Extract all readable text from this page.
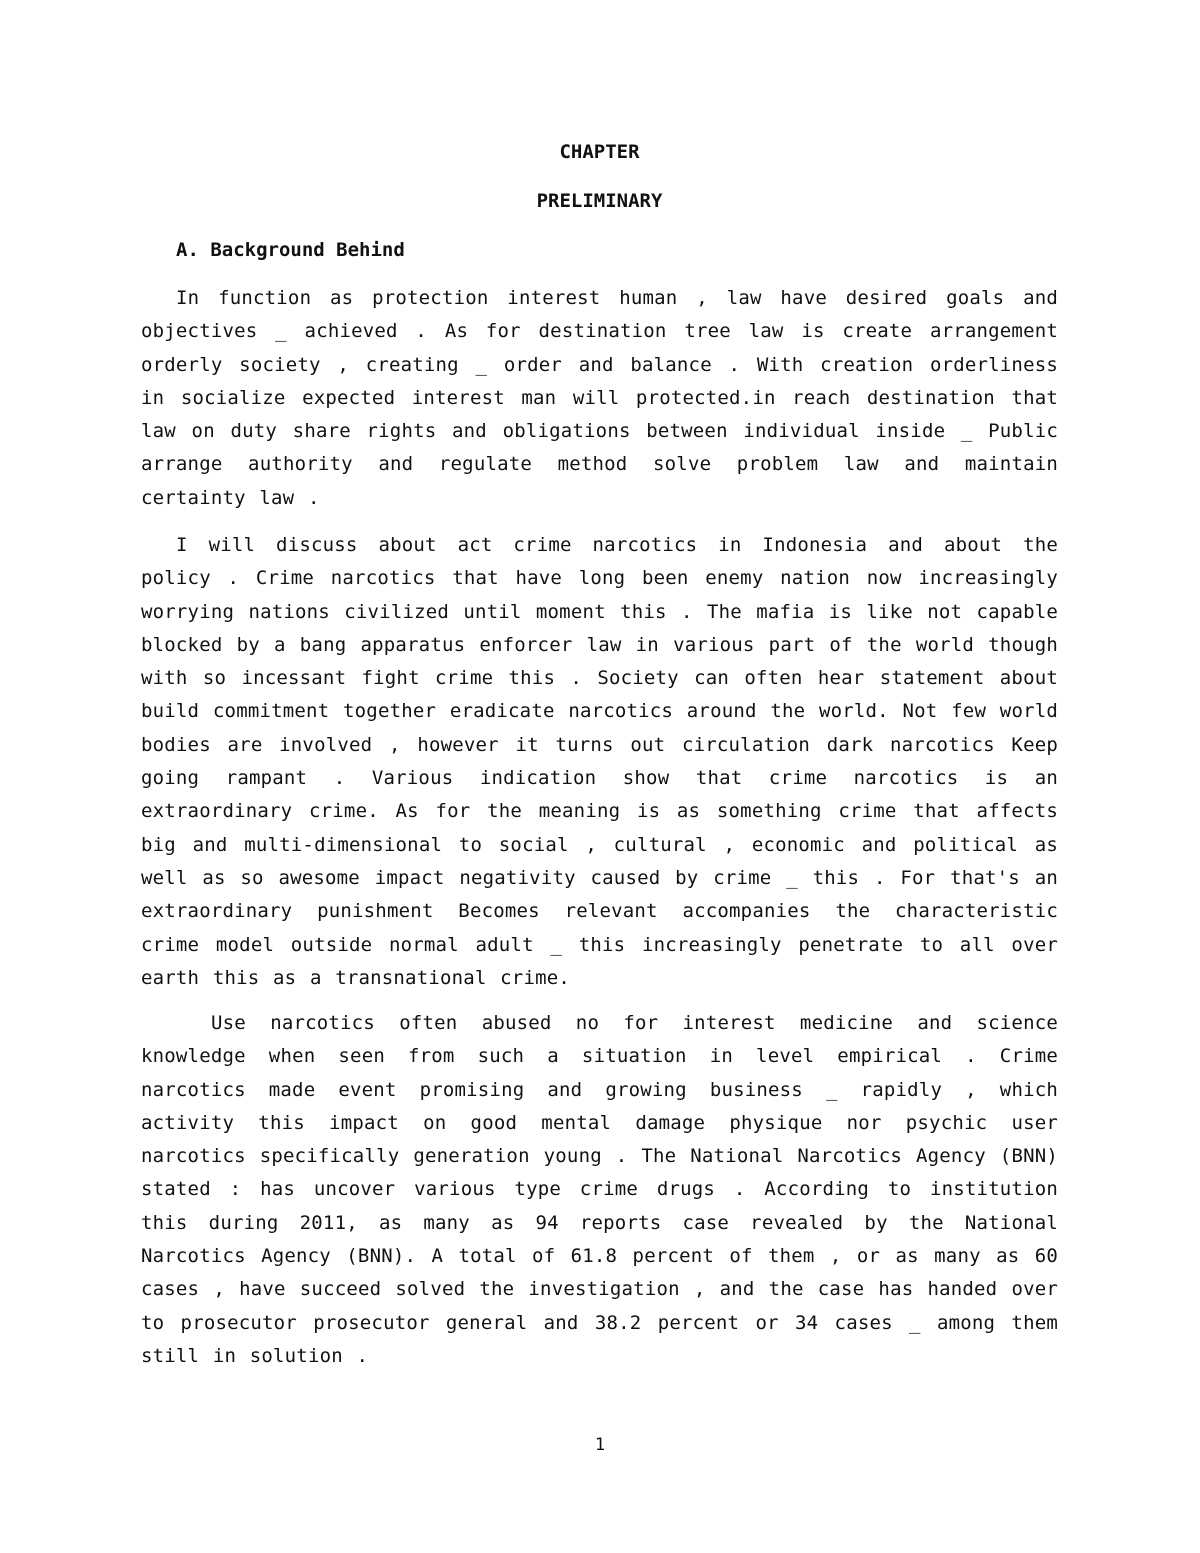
CHAPTER
PRELIMINARY
A. Background Behind

In function as protection interest human , law have desired goals and objectives _ achieved . As for destination tree law is create arrangement orderly society , creating _ order and balance . With creation orderliness in socialize expected interest man will protected.in reach destination that law on duty share rights and obligations between individual inside _ Public arrange authority and regulate method solve problem law and maintain certainty law .

I will discuss about act crime narcotics in Indonesia and about the policy . Crime narcotics that have long been enemy nation now increasingly worrying nations civilized until moment this . The mafia is like not capable blocked by a bang apparatus enforcer law in various part of the world though with so incessant fight crime this . Society can often hear statement about build commitment together eradicate narcotics around the world. Not few world bodies are involved , however it turns out circulation dark narcotics Keep going rampant . Various indication show that crime narcotics is an extraordinary crime. As for the meaning is as something crime that affects big and multi-dimensional to social , cultural , economic and political as well as so awesome impact negativity caused by crime _ this . For that's an extraordinary punishment Becomes relevant accompanies the characteristic crime model outside normal adult _ this increasingly penetrate to all over earth this as a transnational crime.

Use narcotics often abused no for interest medicine and science knowledge when seen from such a situation in level empirical . Crime narcotics made event promising and growing business _ rapidly , which activity this impact on good mental damage physique nor psychic user narcotics specifically generation young . The National Narcotics Agency (BNN) stated : has uncover various type crime drugs . According to institution this during 2011, as many as 94 reports case revealed by the National Narcotics Agency (BNN). A total of 61.8 percent of them , or as many as 60 cases , have succeed solved the investigation , and the case has handed over to prosecutor prosecutor general and 38.2 percent or 34 cases _ among them still in solution .

1
